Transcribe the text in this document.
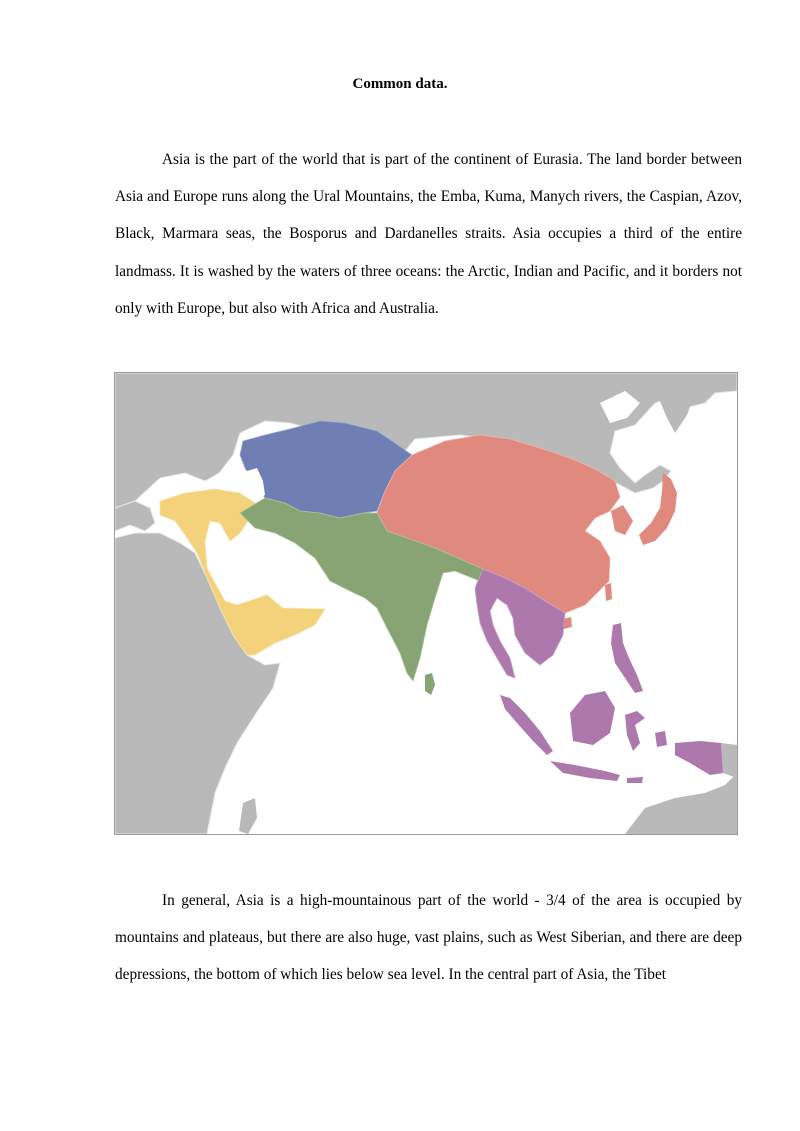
Common data.

Asia is the part of the world that is part of the continent of Eurasia. The land border between Asia and Europe runs along the Ural Mountains, the Emba, Kuma, Manych rivers, the Caspian, Azov, Black, Marmara seas, the Bosporus and Dardanelles straits. Asia occupies a third of the entire landmass. It is washed by the waters of three oceans: the Arctic, Indian and Pacific, and it borders not only with Europe, but also with Africa and Australia.

In general, Asia is a high-mountainous part of the world - 3/4 of the area is occupied by mountains and plateaus, but there are also huge, vast plains, such as West Siberian, and there are deep depressions, the bottom of which lies below sea level. In the central part of Asia, the Tibet
